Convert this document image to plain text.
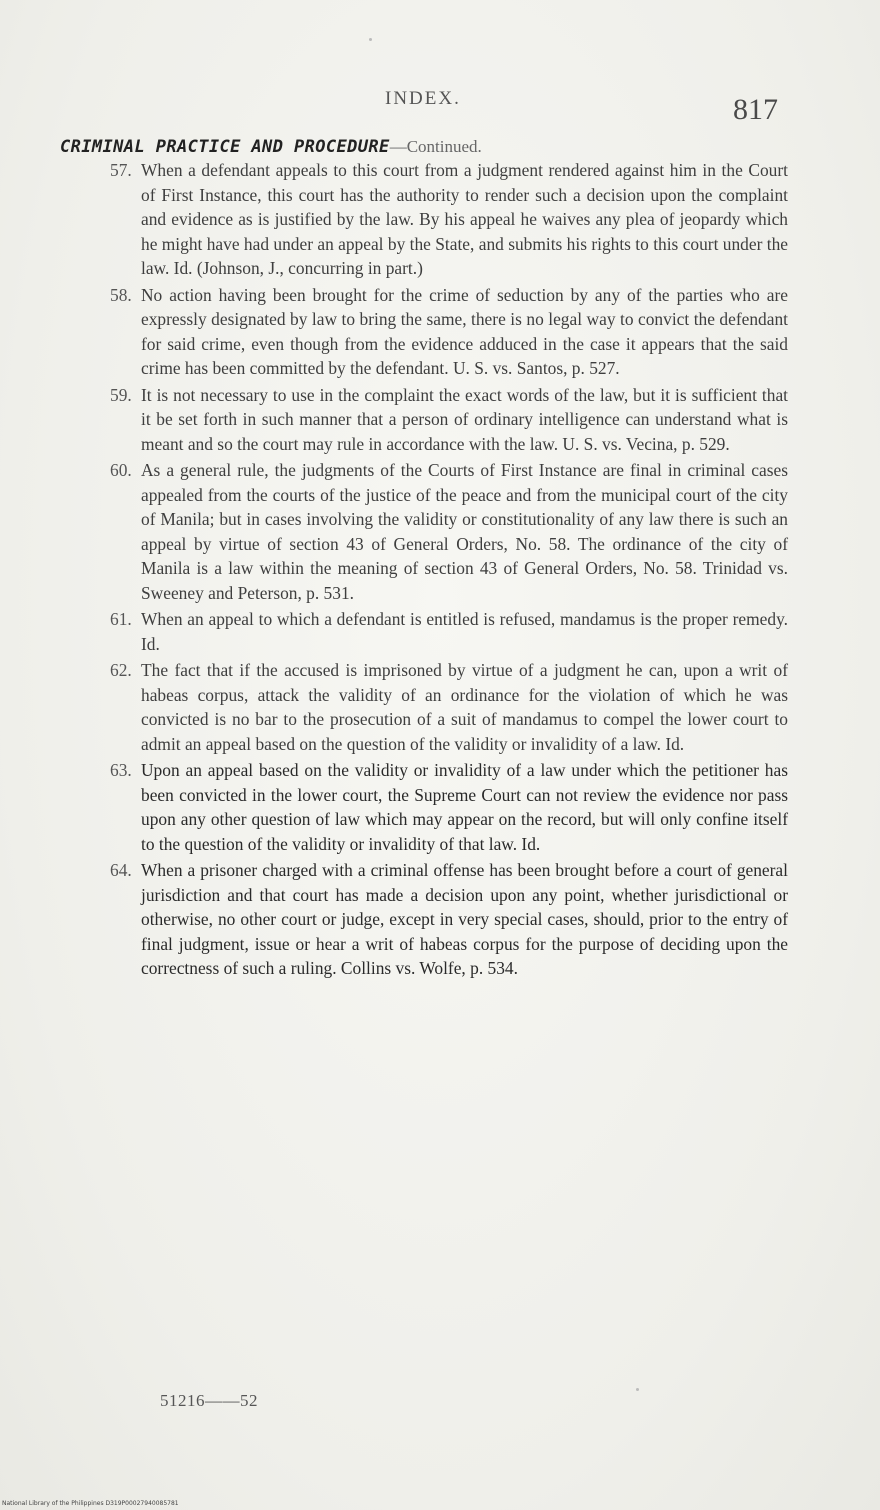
INDEX.	817
CRIMINAL PRACTICE AND PROCEDURE—Continued.
57. When a defendant appeals to this court from a judgment rendered against him in the Court of First Instance, this court has the authority to render such a decision upon the complaint and evidence as is justified by the law. By his appeal he waives any plea of jeopardy which he might have had under an appeal by the State, and submits his rights to this court under the law. Id. (Johnson, J., concurring in part.)
58. No action having been brought for the crime of seduction by any of the parties who are expressly designated by law to bring the same, there is no legal way to convict the defendant for said crime, even though from the evidence adduced in the case it appears that the said crime has been committed by the defendant. U. S. vs. Santos, p. 527.
59. It is not necessary to use in the complaint the exact words of the law, but it is sufficient that it be set forth in such manner that a person of ordinary intelligence can understand what is meant and so the court may rule in accordance with the law. U. S. vs. Vecina, p. 529.
60. As a general rule, the judgments of the Courts of First Instance are final in criminal cases appealed from the courts of the justice of the peace and from the municipal court of the city of Manila; but in cases involving the validity or constitutionality of any law there is such an appeal by virtue of section 43 of General Orders, No. 58. The ordinance of the city of Manila is a law within the meaning of section 43 of General Orders, No. 58. Trinidad vs. Sweeney and Peterson, p. 531.
61. When an appeal to which a defendant is entitled is refused, mandamus is the proper remedy. Id.
62. The fact that if the accused is imprisoned by virtue of a judgment he can, upon a writ of habeas corpus, attack the validity of an ordinance for the violation of which he was convicted is no bar to the prosecution of a suit of mandamus to compel the lower court to admit an appeal based on the question of the validity or invalidity of a law. Id.
63. Upon an appeal based on the validity or invalidity of a law under which the petitioner has been convicted in the lower court, the Supreme Court can not review the evidence nor pass upon any other question of law which may appear on the record, but will only confine itself to the question of the validity or invalidity of that law. Id.
64. When a prisoner charged with a criminal offense has been brought before a court of general jurisdiction and that court has made a decision upon any point, whether jurisdictional or otherwise, no other court or judge, except in very special cases, should, prior to the entry of final judgment, issue or hear a writ of habeas corpus for the purpose of deciding upon the correctness of such a ruling. Collins vs. Wolfe, p. 534.
51216——52
National Library of the Philippines D319P00027940085781
